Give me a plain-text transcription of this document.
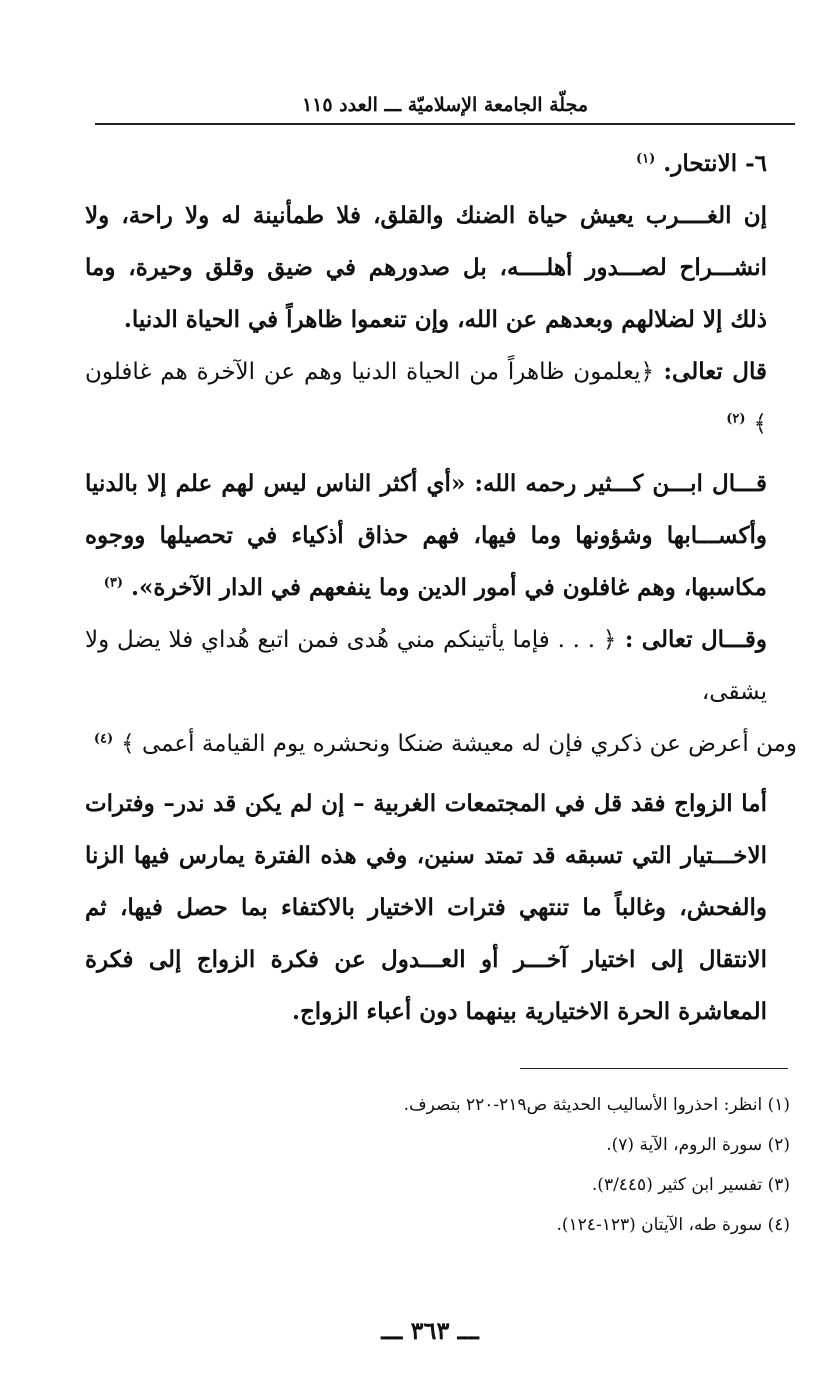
مجلّة الجامعة الإسلاميّة ـــ العدد ١١٥

٦- الانتحار. $^{(١)}$

إن الغــــرب يعيش حياة الضنك والقلق، فلا طمأنينة له ولا راحة، ولا انشـــراح لصـــدور أهلــــه، بل صدورهم في ضيق وقلق وحيرة، وما ذلك إلا لضلالهم وبعدهم عن الله، وإن تنعموا ظاهراً في الحياة الدنيا.

قال تعالى: ﴿يعلمون ظاهراً من الحياة الدنيا وهم عن الآخرة هم غافلون ﴾ $^{(٢)}$

قـــال ابـــن كـــثير رحمه الله: «أي أكثر الناس ليس لهم علم إلا بالدنيا وأكســـابها وشؤونها وما فيها، فهم حذاق أذكياء في تحصيلها ووجوه مكاسبها، وهم غافلون في أمور الدين وما ينفعهم في الدار الآخرة». $^{(٣)}$

وقـــال تعالى : ﴿ . . . فإما يأتينكم مني هُدى فمن اتبع هُداي فلا يضل ولا يشقى،

ومن أعرض عن ذكري فإن له معيشة ضنكا ونحشره يوم القيامة أعمى ﴾ $^{(٤)}$

أما الزواج فقد قل في المجتمعات الغربية – إن لم يكن قد ندر– وفترات الاخـــتيار التي تسبقه قد تمتد سنين، وفي هذه الفترة يمارس فيها الزنا والفحش، وغالباً ما تنتهي فترات الاختيار بالاكتفاء بما حصل فيها، ثم الانتقال إلى اختيار آخـــر أو العـــدول عن فكرة الزواج إلى فكرة المعاشرة الحرة الاختيارية بينهما دون أعباء الزواج.

(١) انظر: احذروا الأساليب الحديثة ص٢١٩-٢٢٠ بتصرف.
(٢) سورة الروم، الآية (٧).
(٣) تفسير ابن كثير (٣/٤٤٥).
(٤) سورة طه، الآيتان (١٢٣-١٢٤).
ـــ ٣٦٣ ـــ
